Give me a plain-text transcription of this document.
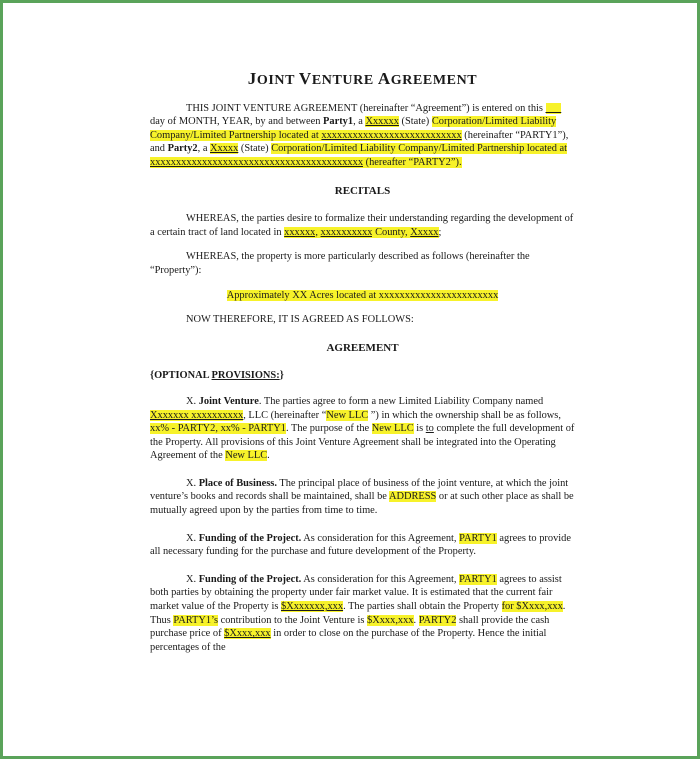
JOINT VENTURE AGREEMENT

THIS JOINT VENTURE AGREEMENT (hereinafter “Agreement”) is entered on this ___ day of MONTH, YEAR, by and between Party1, a Xxxxxx (State) Corporation/Limited Liability Company/Limited Partnership located at xxxxxxxxxxxxxxxxxxxxxxxxxxx (hereinafter “PARTY1”), and Party2, a Xxxxx (State) Corporation/Limited Liability Company/Limited Partnership located at xxxxxxxxxxxxxxxxxxxxxxxxxxxxxxxxxxxxxxxxx (hereafter “PARTY2”).

RECITALS

WHEREAS, the parties desire to formalize their understanding regarding the development of a certain tract of land located in xxxxxx, xxxxxxxxxx County, Xxxxx;

WHEREAS, the property is more particularly described as follows (hereinafter the “Property”):

Approximately XX Acres located at xxxxxxxxxxxxxxxxxxxxxxx

NOW THEREFORE, IT IS AGREED AS FOLLOWS:

AGREEMENT

{OPTIONAL PROVISIONS:}

X. Joint Venture. The parties agree to form a new Limited Liability Company named Xxxxxxx xxxxxxxxxx, LLC (hereinafter “New LLC ”) in which the ownership shall be as follows, xx% - PARTY2, xx% - PARTY1. The purpose of the New LLC is to complete the full development of the Property. All provisions of this Joint Venture Agreement shall be integrated into the Operating Agreement of the New LLC.

X. Place of Business. The principal place of business of the joint venture, at which the joint venture’s books and records shall be maintained, shall be ADDRESS or at such other place as shall be mutually agreed upon by the parties from time to time.

X. Funding of the Project. As consideration for this Agreement, PARTY1 agrees to provide all necessary funding for the purchase and future development of the Property.

X. Funding of the Project. As consideration for this Agreement, PARTY1 agrees to assist both parties by obtaining the property under fair market value. It is estimated that the current fair market value of the Property is $Xxxxxxx,xxx. The parties shall obtain the Property for $Xxxx,xxx. Thus PARTY1’s contribution to the Joint Venture is $Xxxx,xxx. PARTY2 shall provide the cash purchase price of $Xxxx,xxx in order to close on the purchase of the Property. Hence the initial percentages of the
